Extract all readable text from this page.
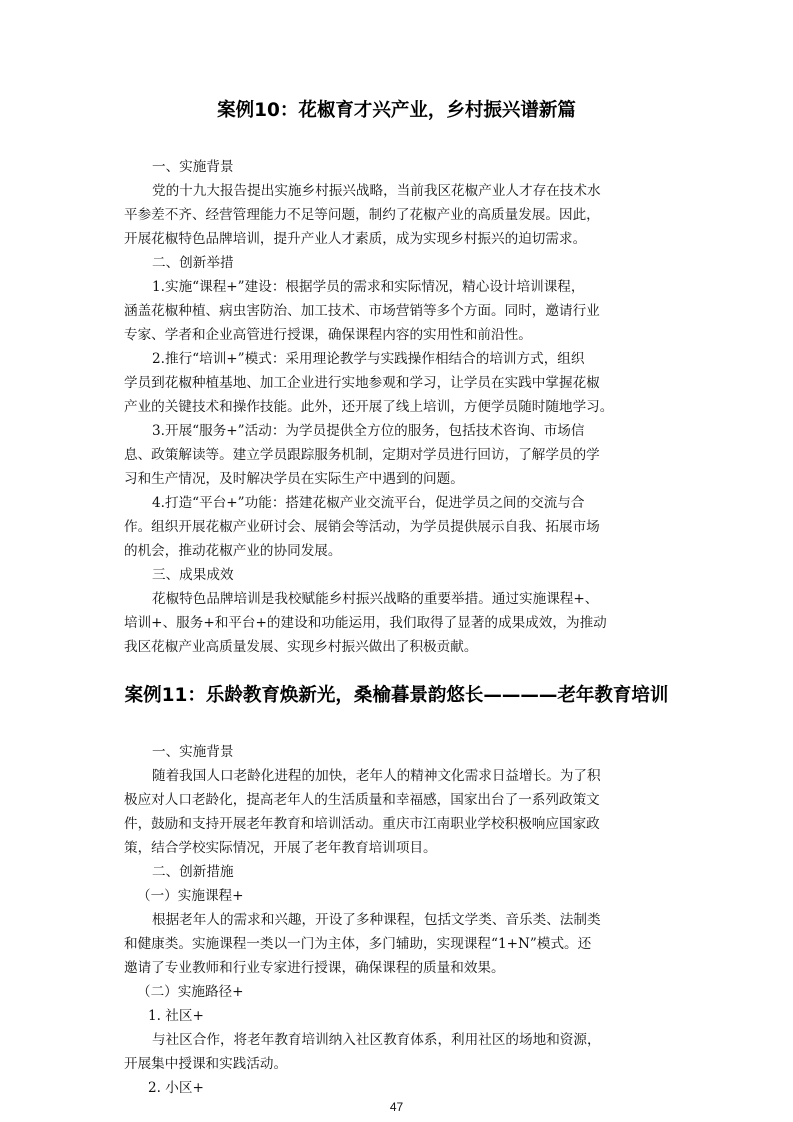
案例10：花椒育才兴产业，乡村振兴谱新篇
一、实施背景
党的十九大报告提出实施乡村振兴战略，当前我区花椒产业人才存在技术水
平参差不齐、经营管理能力不足等问题，制约了花椒产业的高质量发展。因此，
开展花椒特色品牌培训，提升产业人才素质，成为实现乡村振兴的迫切需求。
二、创新举措
1.实施“课程+”建设：根据学员的需求和实际情况，精心设计培训课程，
涵盖花椒种植、病虫害防治、加工技术、市场营销等多个方面。同时，邀请行业
专家、学者和企业高管进行授课，确保课程内容的实用性和前沿性。
2.推行“培训+”模式：采用理论教学与实践操作相结合的培训方式，组织
学员到花椒种植基地、加工企业进行实地参观和学习，让学员在实践中掌握花椒
产业的关键技术和操作技能。此外，还开展了线上培训，方便学员随时随地学习。
3.开展“服务+”活动：为学员提供全方位的服务，包括技术咨询、市场信
息、政策解读等。建立学员跟踪服务机制，定期对学员进行回访，了解学员的学
习和生产情况，及时解决学员在实际生产中遇到的问题。
4.打造“平台+”功能：搭建花椒产业交流平台，促进学员之间的交流与合
作。组织开展花椒产业研讨会、展销会等活动，为学员提供展示自我、拓展市场
的机会，推动花椒产业的协同发展。
三、成果成效
花椒特色品牌培训是我校赋能乡村振兴战略的重要举措。通过实施课程+、
培训+、服务+和平台+的建设和功能运用，我们取得了显著的成果成效，为推动
我区花椒产业高质量发展、实现乡村振兴做出了积极贡献。
案例11：乐龄教育焕新光，桑榆暮景韵悠长————老年教育培训
一、实施背景
随着我国人口老龄化进程的加快，老年人的精神文化需求日益增长。为了积
极应对人口老龄化，提高老年人的生活质量和幸福感，国家出台了一系列政策文
件，鼓励和支持开展老年教育和培训活动。重庆市江南职业学校积极响应国家政
策，结合学校实际情况，开展了老年教育培训项目。
二、创新措施
（一）实施课程+
根据老年人的需求和兴趣，开设了多种课程，包括文学类、音乐类、法制类
和健康类。实施课程一类以一门为主体，多门辅助，实现课程“1+N”模式。还
邀请了专业教师和行业专家进行授课，确保课程的质量和效果。
（二）实施路径+
1. 社区+
与社区合作，将老年教育培训纳入社区教育体系，利用社区的场地和资源，
开展集中授课和实践活动。
2. 小区+
47
